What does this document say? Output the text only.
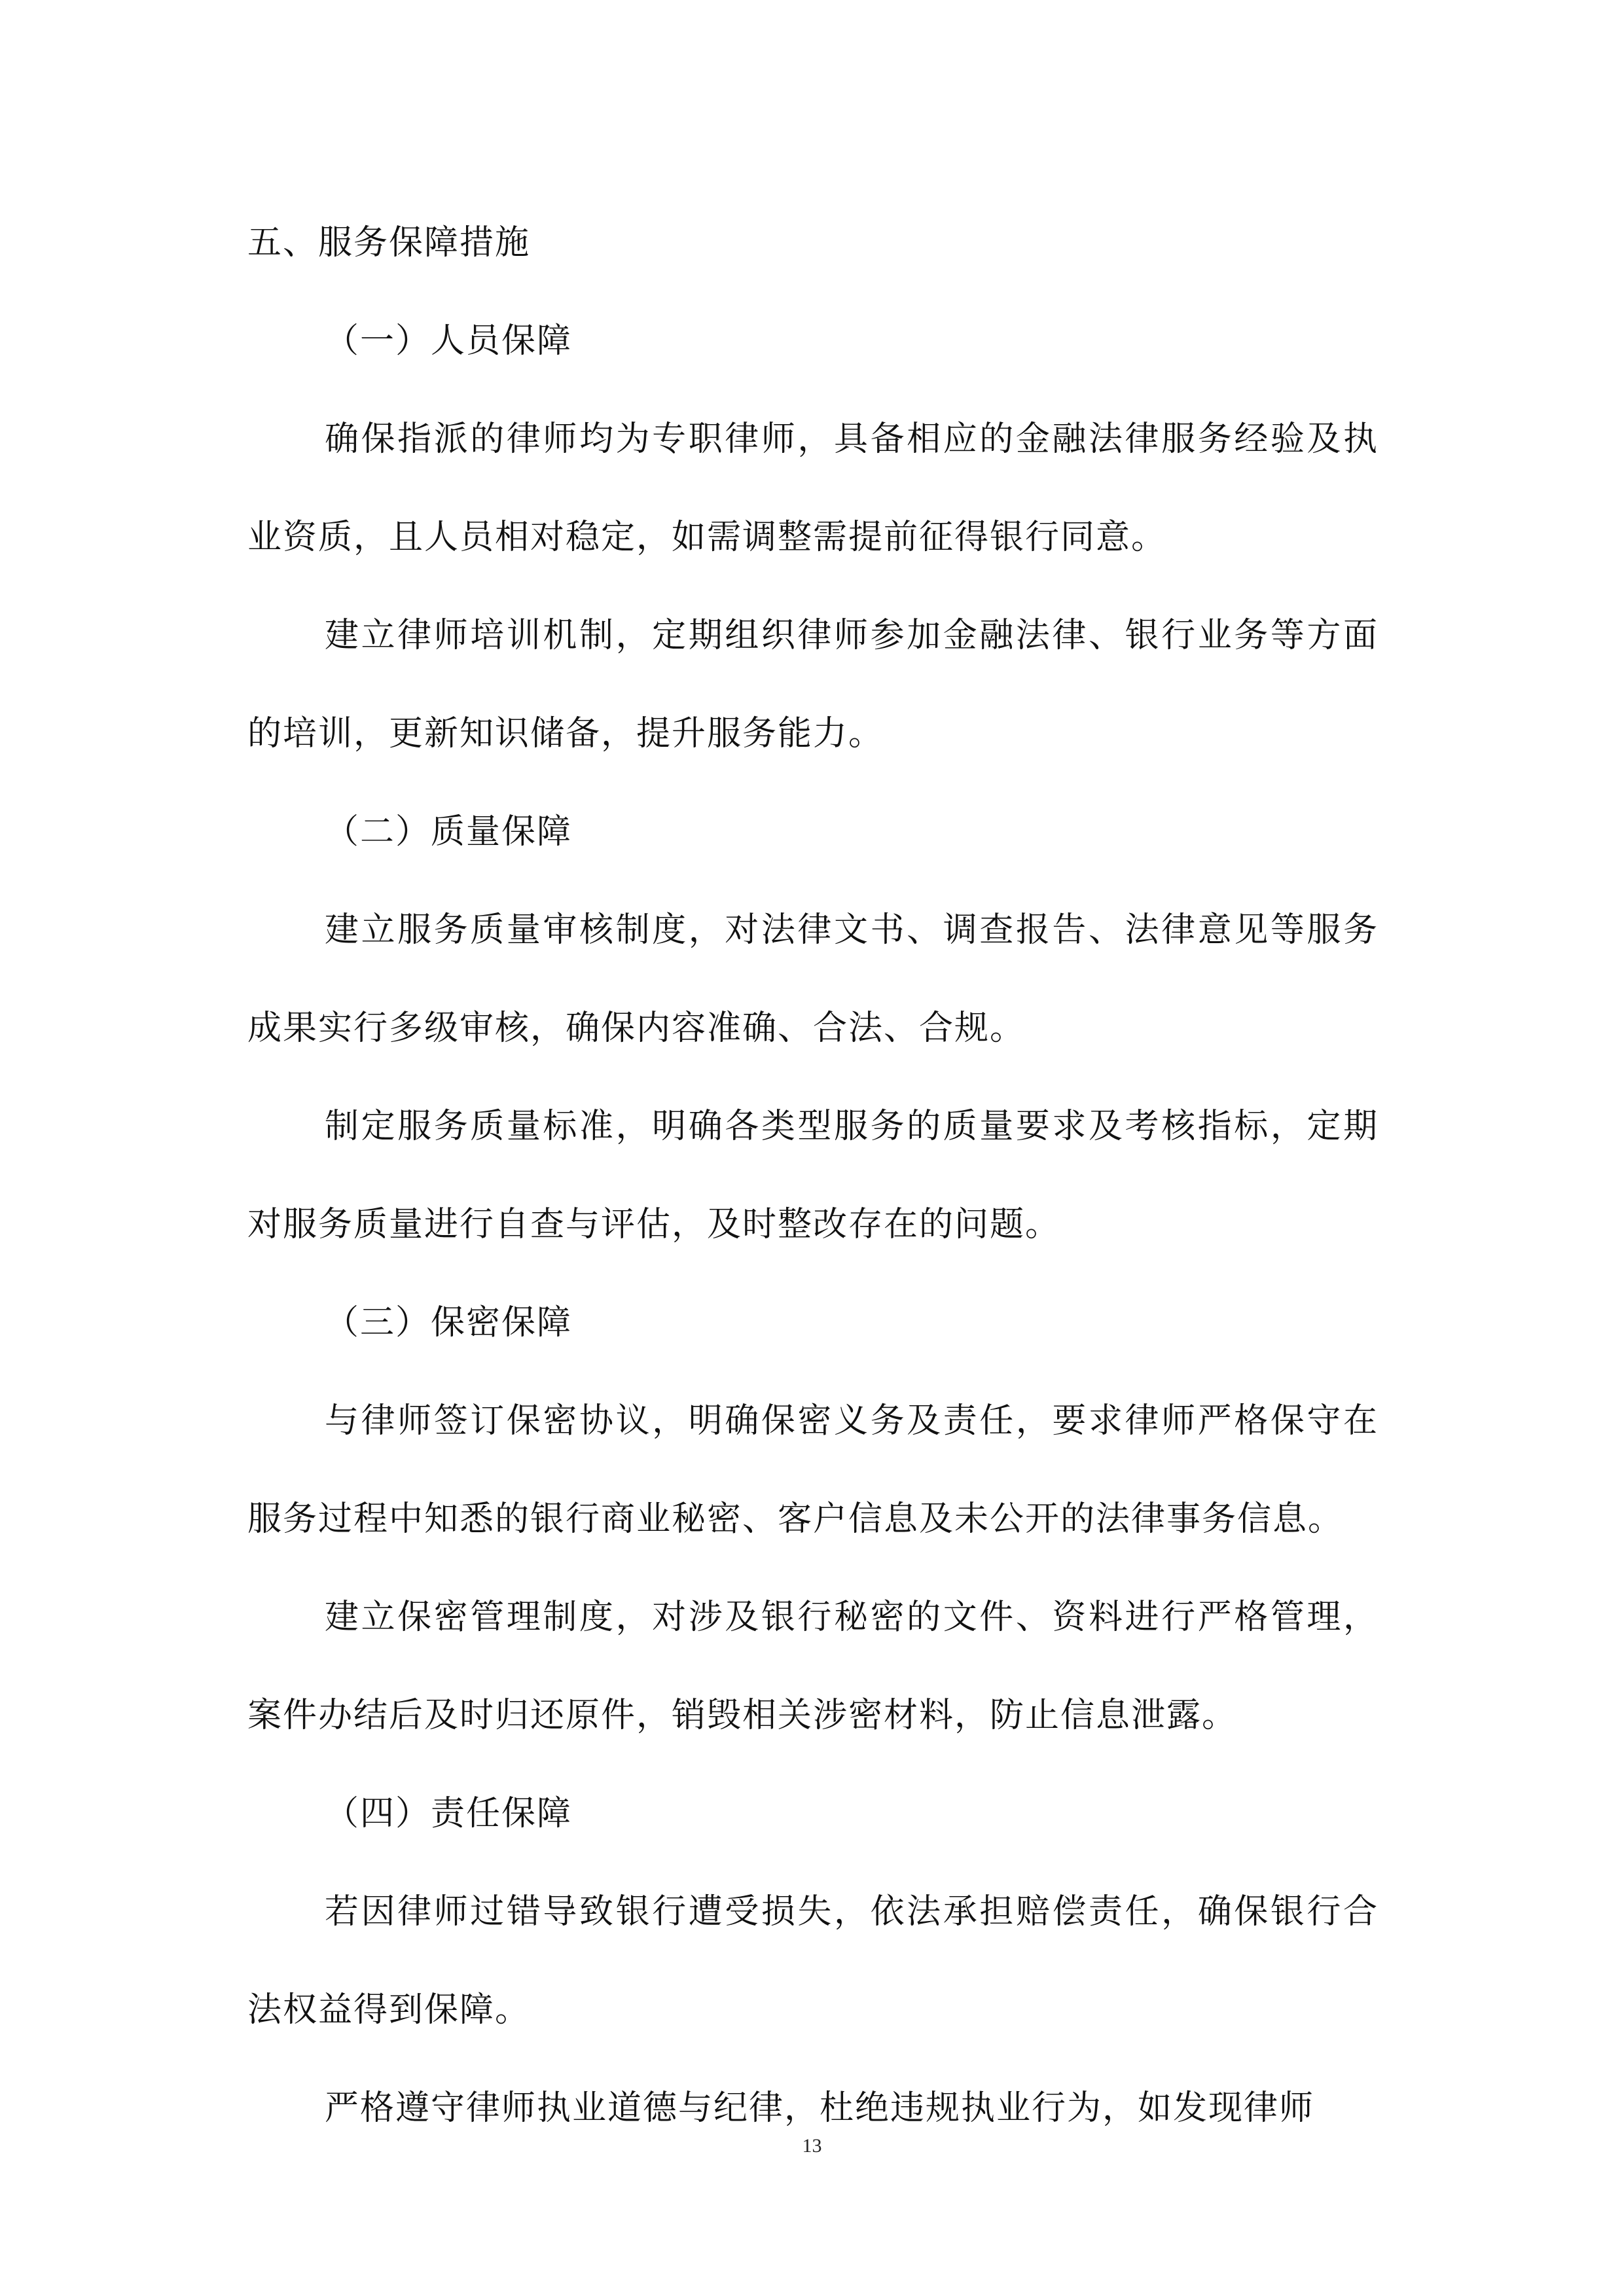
五、服务保障措施

（一）人员保障

确保指派的律师均为专职律师，具备相应的金融法律服务经验及执业资质，且人员相对稳定，如需调整需提前征得银行同意。

建立律师培训机制，定期组织律师参加金融法律、银行业务等方面的培训，更新知识储备，提升服务能力。

（二）质量保障

建立服务质量审核制度，对法律文书、调查报告、法律意见等服务成果实行多级审核，确保内容准确、合法、合规。

制定服务质量标准，明确各类型服务的质量要求及考核指标，定期对服务质量进行自查与评估，及时整改存在的问题。

（三）保密保障

与律师签订保密协议，明确保密义务及责任，要求律师严格保守在服务过程中知悉的银行商业秘密、客户信息及未公开的法律事务信息。

建立保密管理制度，对涉及银行秘密的文件、资料进行严格管理，案件办结后及时归还原件，销毁相关涉密材料，防止信息泄露。

（四）责任保障

若因律师过错导致银行遭受损失，依法承担赔偿责任，确保银行合法权益得到保障。

严格遵守律师执业道德与纪律，杜绝违规执业行为，如发现律师

13
